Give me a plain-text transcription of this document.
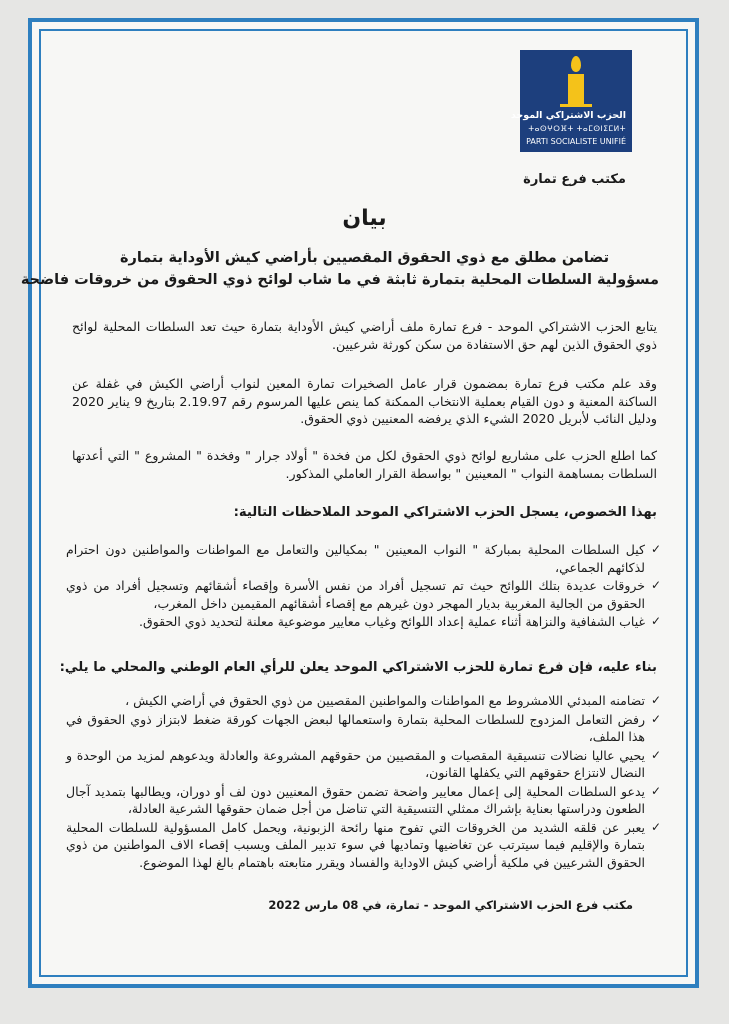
الحزب الاشتراكي الموحد
ⵜⴰⵙⵖⵔⴼⵜ ⵜⴰⵎⵙⵏⵉⵎⵍⵜ
PARTI SOCIALISTE UNIFIÉ
مكتب فرع تمارة
بيان
تضامن مطلق مع ذوي الحقوق المقصيين بأراضي كيش الأوداية بتمارة
مسؤولية السلطات المحلية بتمارة ثابثة في ما شاب لوائح ذوي الحقوق من خروقات فاضحة
يتابع الحزب الاشتراكي الموحد - فرع تمارة ملف أراضي كيش الأوداية بتمارة حيث تعد السلطات المحلية لوائح ذوي الحقوق الذين لهم حق الاستفادة من سكن كورثة شرعيين.
وقد علم مكتب فرع تمارة بمضمون قرار عامل الصخيرات تمارة المعين لنواب أراضي الكيش في غفلة عن الساكنة المعنية و دون القيام بعملية الانتخاب الممكنة كما ينص عليها المرسوم رقم 2.19.97 بتاريخ 9 يناير 2020 ودليل النائب لأبريل 2020 الشيء الذي يرفضه المعنيين ذوي الحقوق.
كما اطلع الحزب على مشاريع لوائح ذوي الحقوق لكل من فخدة " أولاد جرار " وفخدة " المشروع " التي أعدتها السلطات بمساهمة النواب " المعينين " بواسطة القرار العاملي المذكور.
بهذا الخصوص، يسجل الحزب الاشتراكي الموحد الملاحظات التالية:
✓
كيل السلطات المحلية بمباركة " النواب المعينين " بمكيالين والتعامل مع المواطنات والمواطنين دون احترام لذكائهم الجماعي،
✓
خروقات عديدة بتلك اللوائح حيث تم تسجيل أفراد من نفس الأسرة وإقصاء أشقائهم وتسجيل أفراد من ذوي الحقوق من الجالية المغربية بديار المهجر دون غيرهم مع إقصاء أشقائهم المقيمين داخل المغرب،
✓
غياب الشفافية والنزاهة أثناء عملية إعداد اللوائح وغياب معايير موضوعية معلنة لتحديد ذوي الحقوق.
بناء عليه، فإن فرع تمارة للحزب الاشتراكي الموحد يعلن للرأي العام الوطني والمحلي ما يلي:
✓
تضامنه المبدئي اللامشروط مع المواطنات والمواطنين المقصيين من ذوي الحقوق في أراضي الكيش ،
✓
رفض التعامل المزدوج للسلطات المحلية بتمارة واستعمالها لبعض الجهات كورقة ضغط لابتزاز ذوي الحقوق في هذا الملف،
✓
يحيي عاليا نضالات تنسيقية المقصيات و المقصيين من حقوقهم المشروعة والعادلة ويدعوهم لمزيد من الوحدة و النضال لانتزاع حقوقهم التي يكفلها القانون،
✓
يدعو السلطات المحلية إلى إعمال معايير واضحة تضمن حقوق المعنيين دون لف أو دوران، ويطالبها بتمديد آجال الطعون ودراستها بعناية بإشراك ممثلي التنسيقية التي تناضل من أجل ضمان حقوقها الشرعية العادلة،
✓
يعبر عن قلقه الشديد من الخروقات التي تفوح منها رائحة الزبونية، ويحمل كامل المسؤولية للسلطات المحلية بتمارة والإقليم فيما سيترتب عن تغاضيها وتماديها في سوء تدبير الملف ويسبب إقصاء الاف المواطنين من ذوي الحقوق الشرعيين في ملكية أراضي كيش الاوداية والفساد ويقرر متابعته باهتمام بالغ لهذا الموضوع.
مكتب فرع الحزب الاشتراكي الموحد - تمارة، في 08 مارس 2022
